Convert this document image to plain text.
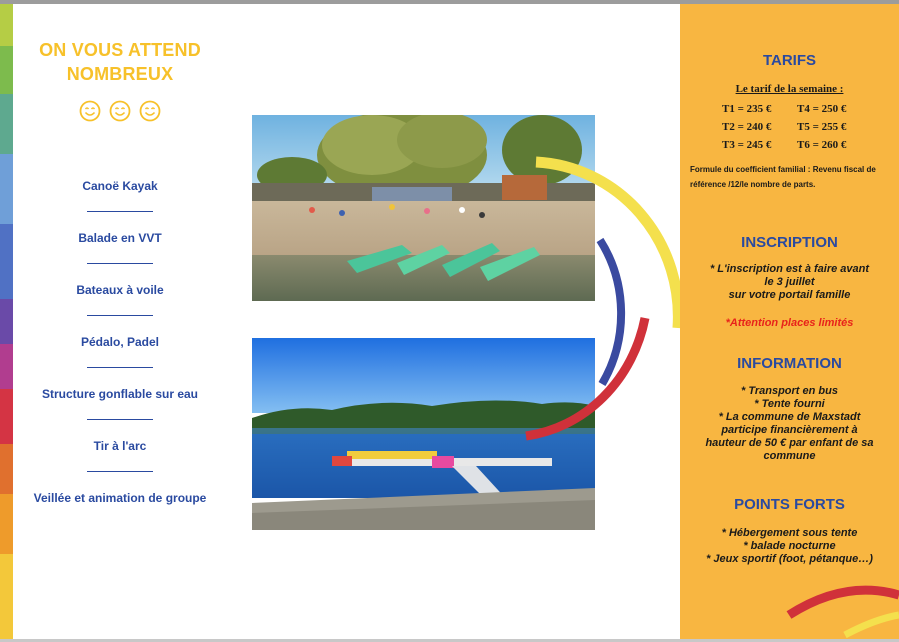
ON VOUS ATTEND NOMBREUX
Canoë Kayak
Balade en VVT
Bateaux à voile
Pédalo, Padel
Structure gonflable sur eau
Tir à l'arc
Veillée et animation de groupe
TARIFS
Le tarif de la semaine :
T1 = 235 €	T4 = 250 €
T2 = 240 €	T5 = 255 €
T3 = 245 €	T6 = 260 €
Formule du coefficient familial : Revenu fiscal de référence /12/le nombre de parts.
INSCRIPTION
* L'inscription est à faire avant
le 3 juillet
sur votre portail famille
*Attention places limités
INFORMATION
* Transport en bus
* Tente fourni
* La commune de Maxstadt
participe financièrement à
hauteur de 50 € par enfant de sa
commune
POINTS FORTS
* Hébergement sous tente
* balade nocturne
* Jeux sportif (foot, pétanque…)
